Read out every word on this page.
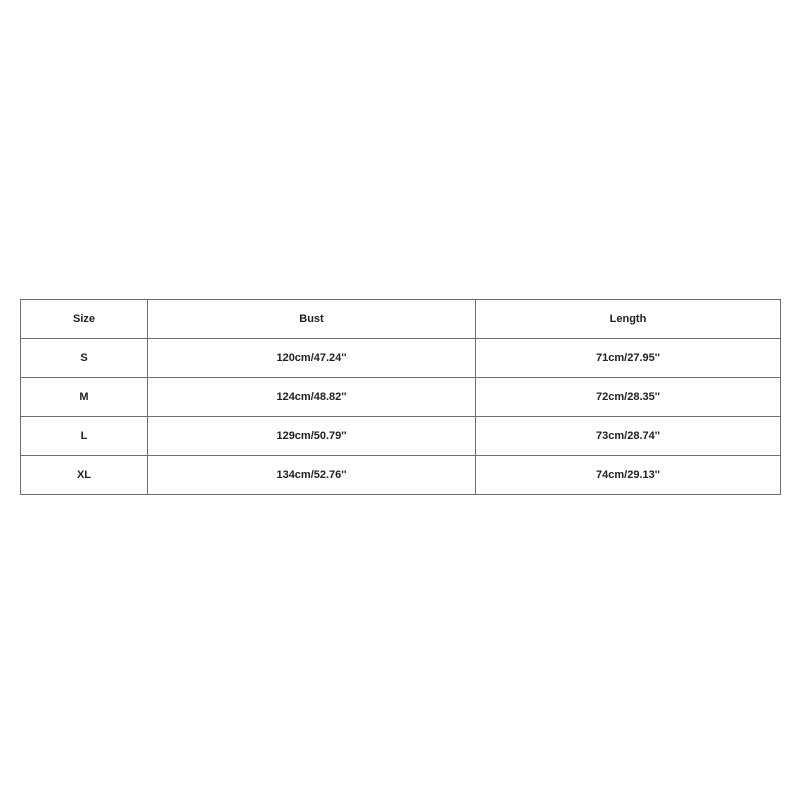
Size	Bust	Length
S	120cm/47.24''	71cm/27.95''
M	124cm/48.82''	72cm/28.35''
L	129cm/50.79''	73cm/28.74''
XL	134cm/52.76''	74cm/29.13''
